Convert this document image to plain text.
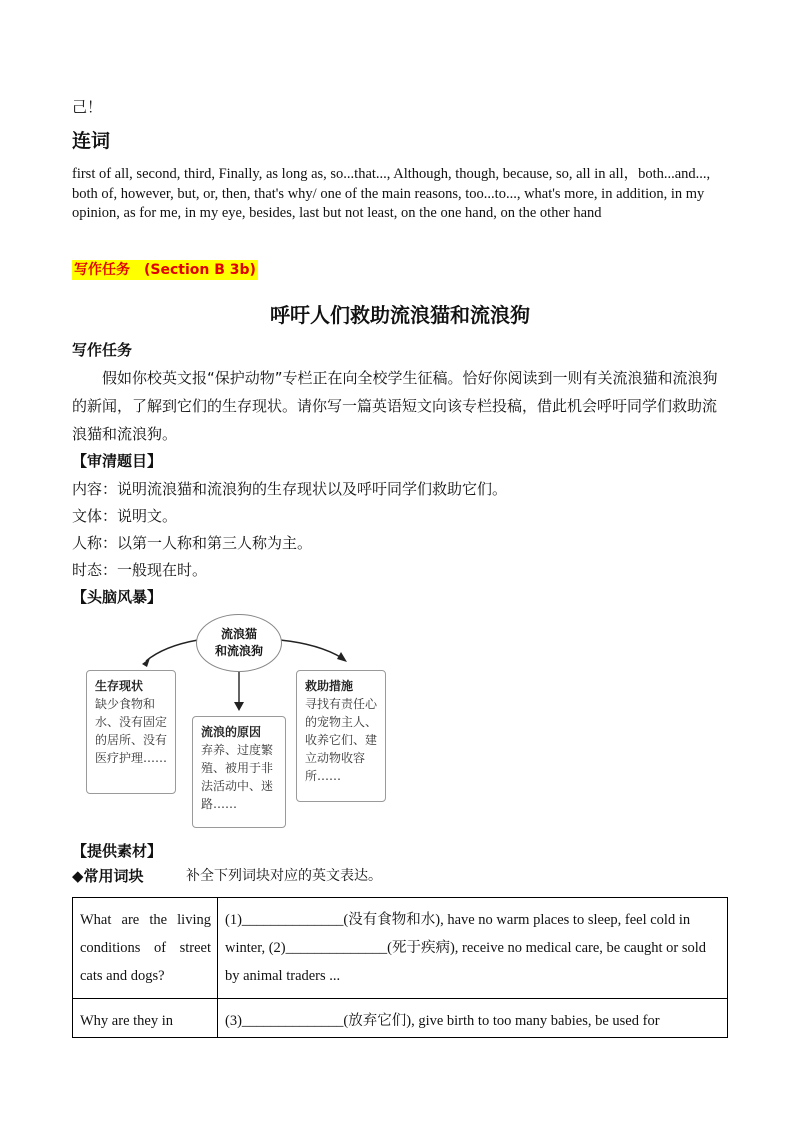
己！
连词
first of all, second, third, Finally, as long as, so...that..., Although, though, because, so, all in all，both...and..., both of, however, but, or, then, that's why/ one of the main reasons, too...to..., what's more, in addition, in my opinion, as for me, in my eye, besides, last but not least, on the one hand, on the other hand
写作任务　(Section B 3b)
呼吁人们救助流浪猫和流浪狗
写作任务
假如你校英文报“保护动物”专栏正在向全校学生征稿。恰好你阅读到一则有关流浪猫和流浪狗的新闻，了解到它们的生存现状。请你写一篇英语短文向该专栏投稿，借此机会呼吁同学们救助流浪猫和流浪狗。
【审清题目】
内容：说明流浪猫和流浪狗的生存现状以及呼吁同学们救助它们。
文体：说明文。
人称：以第一人称和第三人称为主。
时态：一般现在时。
【头脑风暴】
流浪猫
和流浪狗
生存现状
缺少食物和水、没有固定的居所、没有医疗护理……
流浪的原因
弃养、过度繁殖、被用于非法活动中、迷路……
救助措施
寻找有责任心的宠物主人、收养它们、建立动物收容所……
【提供素材】
◆常用词块	补全下列词块对应的英文表达。
What are the living conditions of street cats and dogs?	(1)______________(没有食物和水), have no warm places to sleep, feel cold in winter, (2)______________(死于疾病), receive no medical care, be caught or sold by animal traders ...
Why are they in	(3)______________(放弃它们), give birth to too many babies, be used for
